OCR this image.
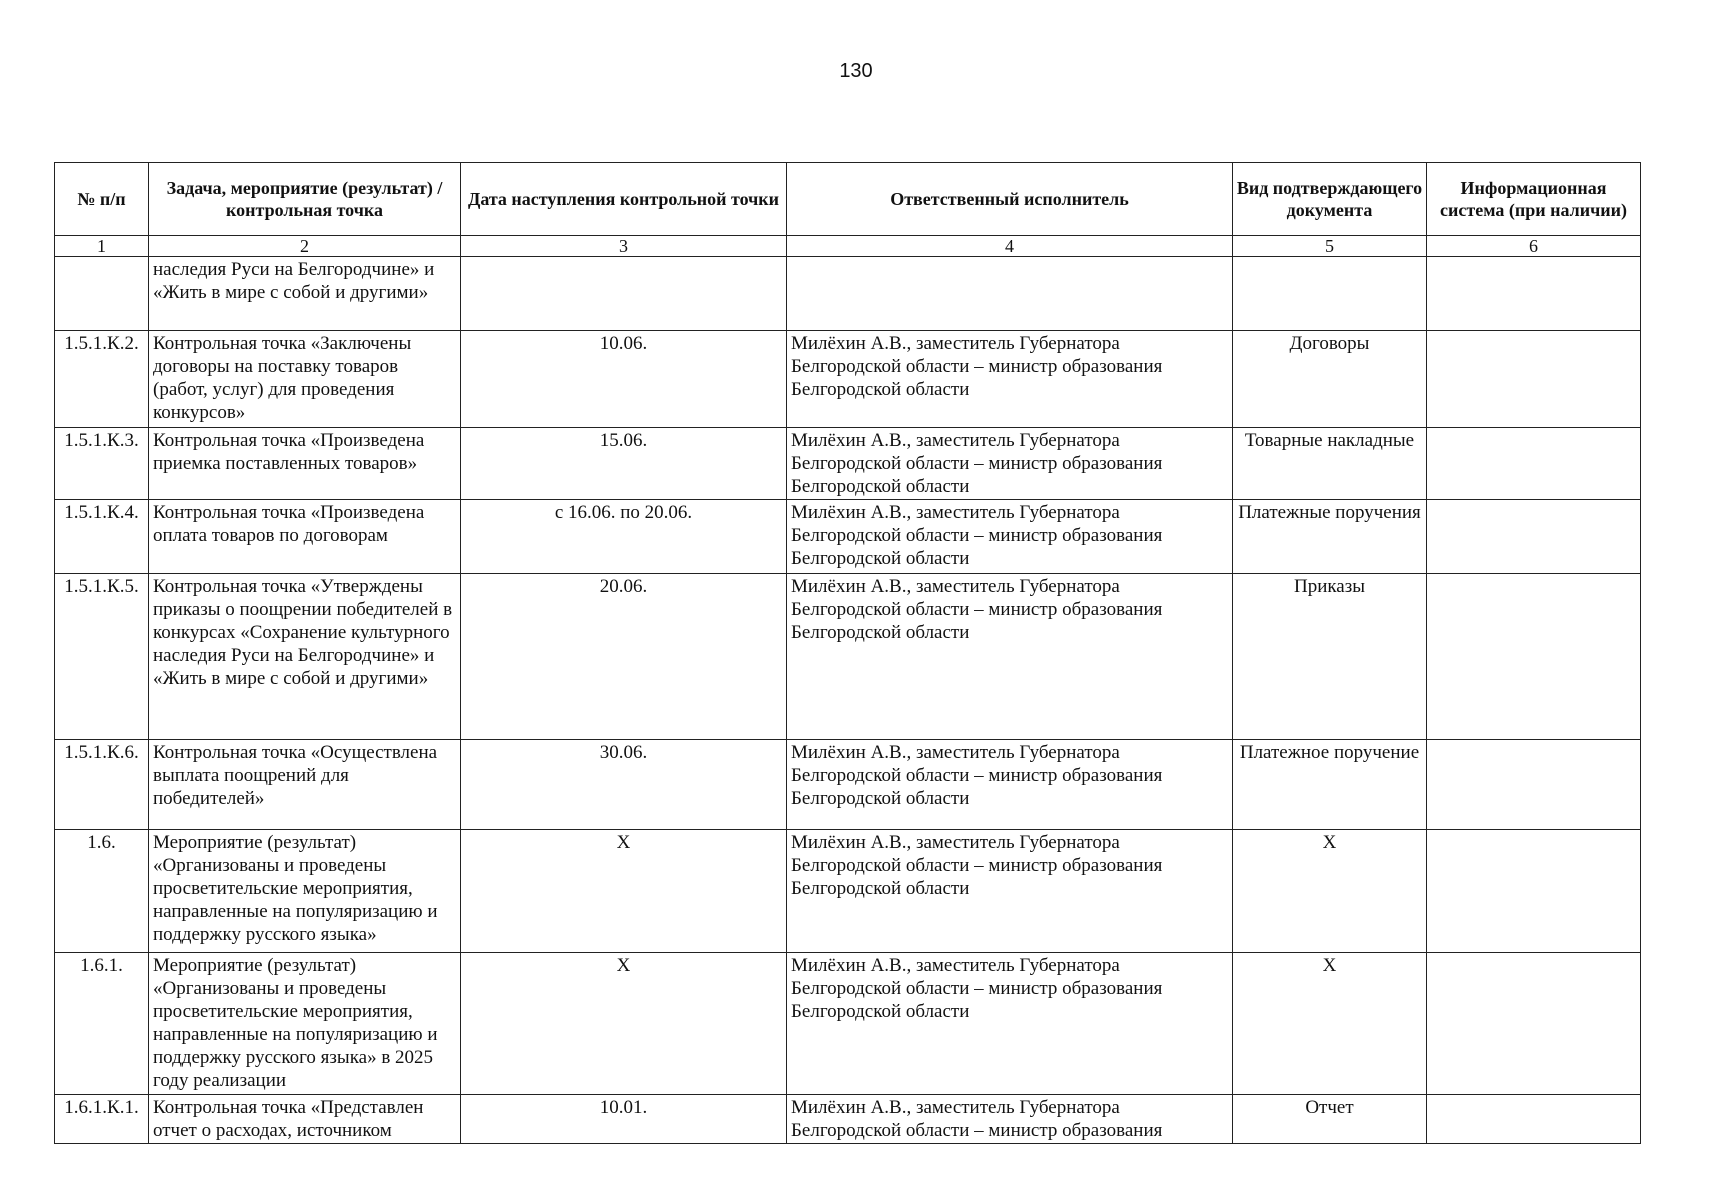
130
№ п/п	Задача, мероприятие (результат) / контрольная точка	Дата наступления контрольной точки	Ответственный исполнитель	Вид подтверждающего документа	Информационная система (при наличии)
1	2	3	4	5	6
	наследия Руси на Белгородчине» и «Жить в мире с собой и другими»				
1.5.1.К.2.	Контрольная точка «Заключены договоры на поставку товаров (работ, услуг) для проведения конкурсов»	10.06.	Милёхин А.В., заместитель Губернатора Белгородской области – министр образования Белгородской области	Договоры	
1.5.1.К.3.	Контрольная точка «Произведена приемка поставленных товаров»	15.06.	Милёхин А.В., заместитель Губернатора Белгородской области – министр образования Белгородской области	Товарные накладные	
1.5.1.К.4.	Контрольная точка «Произведена оплата товаров по договорам	с 16.06. по 20.06.	Милёхин А.В., заместитель Губернатора Белгородской области – министр образования Белгородской области	Платежные поручения	
1.5.1.К.5.	Контрольная точка «Утверждены приказы о поощрении победителей в конкурсах «Сохранение культурного наследия Руси на Белгородчине» и «Жить в мире с собой и другими»	20.06.	Милёхин А.В., заместитель Губернатора Белгородской области – министр образования Белгородской области	Приказы	
1.5.1.К.6.	Контрольная точка «Осуществлена выплата поощрений для победителей»	30.06.	Милёхин А.В., заместитель Губернатора Белгородской области – министр образования Белгородской области	Платежное поручение	
1.6.	Мероприятие (результат) «Организованы и проведены просветительские мероприятия, направленные на популяризацию и поддержку русского языка»	Х	Милёхин А.В., заместитель Губернатора Белгородской области – министр образования Белгородской области	Х	
1.6.1.	Мероприятие (результат) «Организованы и проведены просветительские мероприятия, направленные на популяризацию и поддержку русского языка» в 2025 году реализации	Х	Милёхин А.В., заместитель Губернатора Белгородской области – министр образования Белгородской области	Х	
1.6.1.К.1.	Контрольная точка «Представлен отчет о расходах, источником	10.01.	Милёхин А.В., заместитель Губернатора Белгородской области – министр образования	Отчет	
